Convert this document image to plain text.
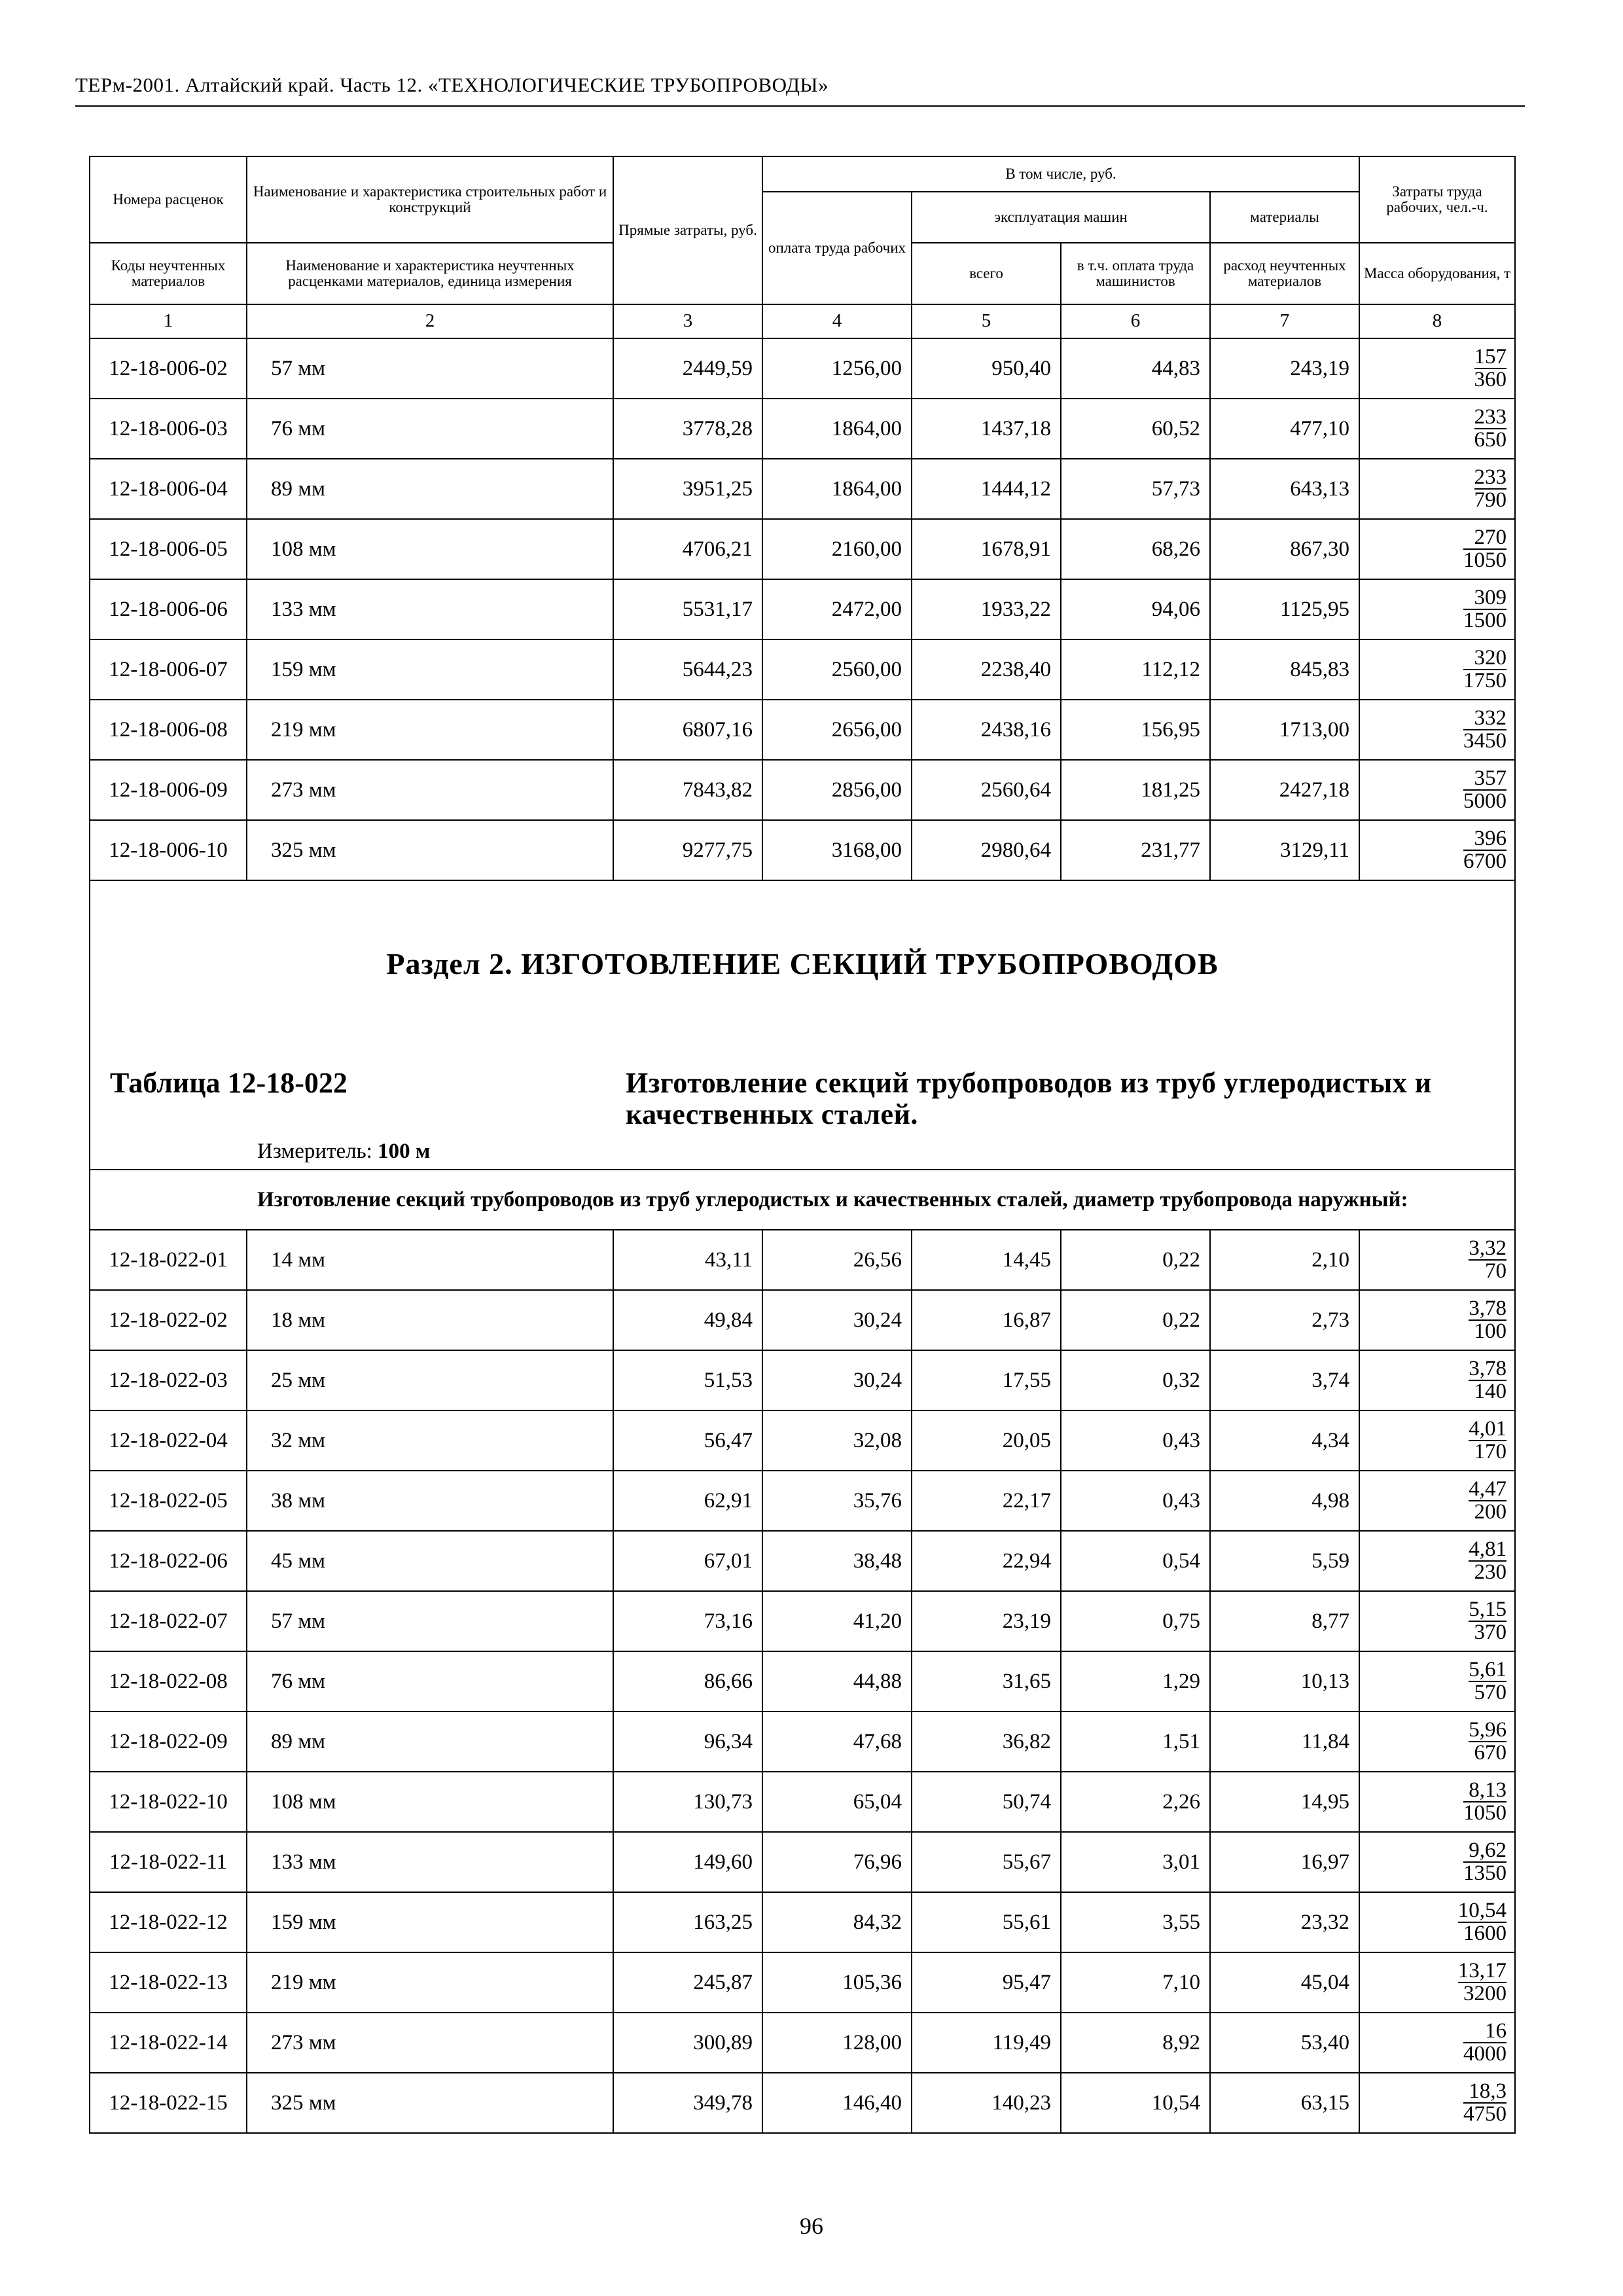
ТЕРм-2001. Алтайский край. Часть 12. «ТЕХНОЛОГИЧЕСКИЕ ТРУБОПРОВОДЫ»
Номера расценок	Наименование и характеристика строительных работ и конструкций	Прямые затраты, руб.	В том числе, руб.				Затраты труда рабочих, чел.-ч.
			оплата труда рабочих	эксплуатация машин		материалы	
Коды неучтенных материалов	Наименование и характеристика неучтенных расценками материалов, единица измерения			всего	в т.ч. оплата труда машинистов	расход неучтенных материалов	Масса оборудования, т
1	2	3	4	5	6	7	8
12-18-006-02	57 мм	2449,59	1256,00	950,40	44,83	243,19	$\frac{157}{360}$

12-18-006-03	76 мм	3778,28	1864,00	1437,18	60,52	477,10	$\frac{233}{650}$

12-18-006-04	89 мм	3951,25	1864,00	1444,12	57,73	643,13	$\frac{233}{790}$

12-18-006-05	108 мм	4706,21	2160,00	1678,91	68,26	867,30	$\frac{270}{1050}$

12-18-006-06	133 мм	5531,17	2472,00	1933,22	94,06	1125,95	$\frac{309}{1500}$

12-18-006-07	159 мм	5644,23	2560,00	2238,40	112,12	845,83	$\frac{320}{1750}$

12-18-006-08	219 мм	6807,16	2656,00	2438,16	156,95	1713,00	$\frac{332}{3450}$

12-18-006-09	273 мм	7843,82	2856,00	2560,64	181,25	2427,18	$\frac{357}{5000}$

12-18-006-10	325 мм	9277,75	3168,00	2980,64	231,77	3129,11	$\frac{396}{6700}$

Раздел 2. ИЗГОТОВЛЕНИЕ СЕКЦИЙ ТРУБОПРОВОДОВ
Таблица 12-18-022 Изготовление секций трубопроводов из труб углеродистых и качественных сталей.
Измеритель: 100 м							

Изготовление секций трубопроводов из труб углеродистых и качественных сталей, диаметр трубопровода наружный:							
12-18-022-01	14 мм	43,11	26,56	14,45	0,22	2,10	$\frac{3,32}{70}$

12-18-022-02	18 мм	49,84	30,24	16,87	0,22	2,73	$\frac{3,78}{100}$

12-18-022-03	25 мм	51,53	30,24	17,55	0,32	3,74	$\frac{3,78}{140}$

12-18-022-04	32 мм	56,47	32,08	20,05	0,43	4,34	$\frac{4,01}{170}$

12-18-022-05	38 мм	62,91	35,76	22,17	0,43	4,98	$\frac{4,47}{200}$

12-18-022-06	45 мм	67,01	38,48	22,94	0,54	5,59	$\frac{4,81}{230}$

12-18-022-07	57 мм	73,16	41,20	23,19	0,75	8,77	$\frac{5,15}{370}$

12-18-022-08	76 мм	86,66	44,88	31,65	1,29	10,13	$\frac{5,61}{570}$

12-18-022-09	89 мм	96,34	47,68	36,82	1,51	11,84	$\frac{5,96}{670}$

12-18-022-10	108 мм	130,73	65,04	50,74	2,26	14,95	$\frac{8,13}{1050}$

12-18-022-11	133 мм	149,60	76,96	55,67	3,01	16,97	$\frac{9,62}{1350}$

12-18-022-12	159 мм	163,25	84,32	55,61	3,55	23,32	$\frac{10,54}{1600}$

12-18-022-13	219 мм	245,87	105,36	95,47	7,10	45,04	$\frac{13,17}{3200}$

12-18-022-14	273 мм	300,89	128,00	119,49	8,92	53,40	$\frac{16}{4000}$

12-18-022-15	325 мм	349,78	146,40	140,23	10,54	63,15	$\frac{18,3}{4750}$
96
